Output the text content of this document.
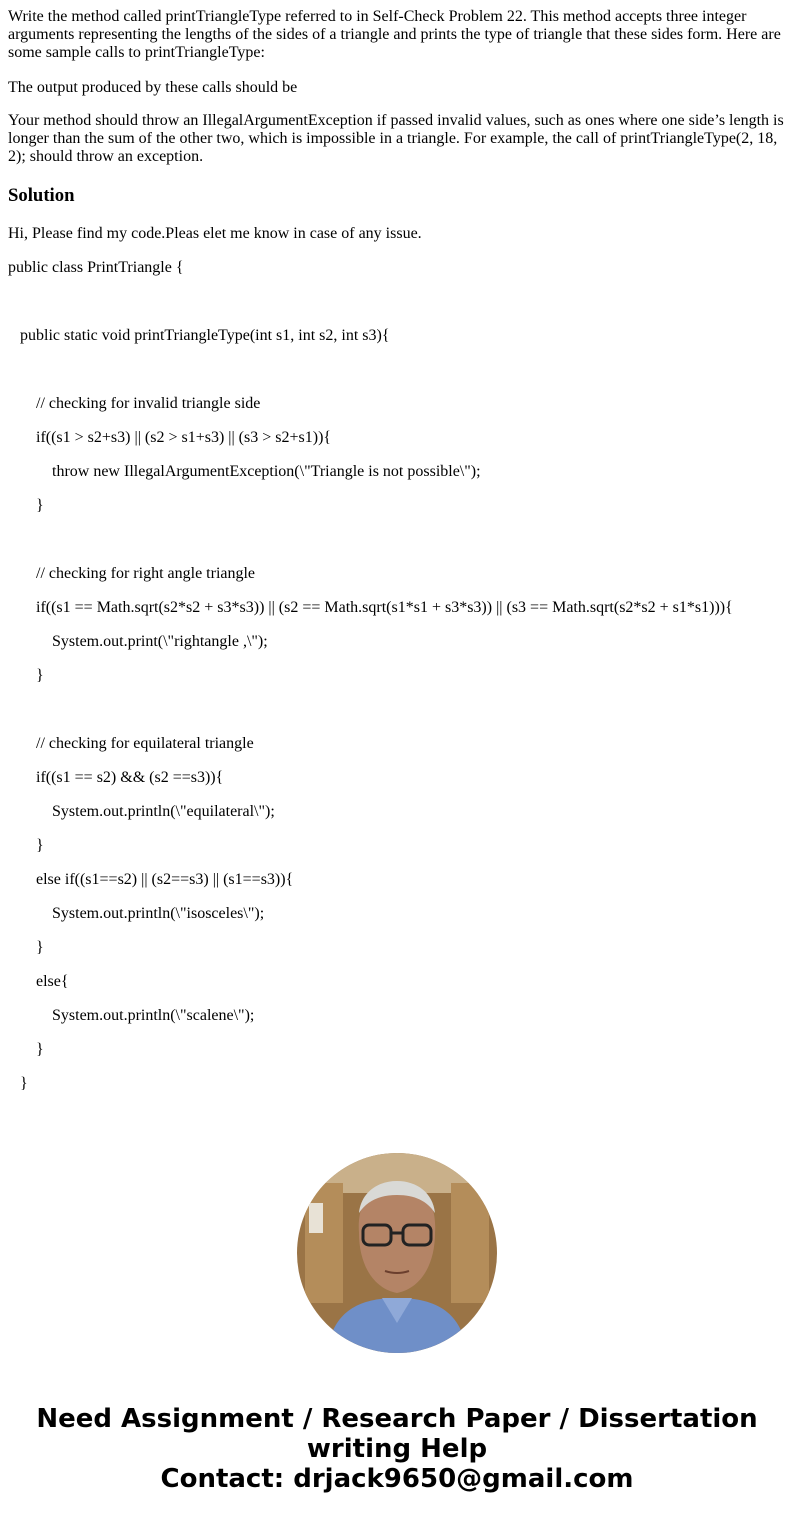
Write the method called printTriangleType referred to in Self-Check Problem 22. This method accepts three integer arguments representing the lengths of the sides of a triangle and prints the type of triangle that these sides form. Here are some sample calls to printTriangleType:

The output produced by these calls should be

Your method should throw an IllegalArgumentException if passed invalid values, such as ones where one side’s length is longer than the sum of the other two, which is impossible in a triangle. For example, the call of printTriangleType(2, 18, 2); should throw an exception.

Solution

Hi, Please find my code.Pleas elet me know in case of any issue.

public class PrintTriangle {
public static void printTriangleType(int s1, int s2, int s3){
// checking for invalid triangle side
if((s1 > s2+s3) || (s2 > s1+s3) || (s3 > s2+s1)){
throw new IllegalArgumentException(\"Triangle is not possible\");
}
// checking for right angle triangle
if((s1 == Math.sqrt(s2*s2 + s3*s3)) || (s2 == Math.sqrt(s1*s1 + s3*s3)) || (s3 == Math.sqrt(s2*s2 + s1*s1))){
System.out.print(\"rightangle ,\");
}
// checking for equilateral triangle
if((s1 == s2) && (s2 ==s3)){
System.out.println(\"equilateral\");
}
else if((s1==s2) || (s2==s3) || (s1==s3)){
System.out.println(\"isosceles\");
}
else{
System.out.println(\"scalene\");
}
}
Need Assignment / Research Paper / Dissertation
writing Help
Contact: drjack9650@gmail.com
